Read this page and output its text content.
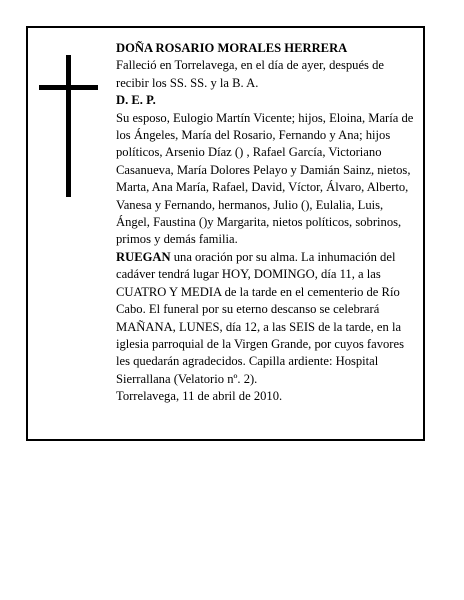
DOÑA ROSARIO MORALES HERRERA

Falleció en Torrelavega, en el día de ayer, después de recibir los SS. SS. y la B. A.

D. E. P.

Su esposo, Eulogio Martín Vicente; hijos, Eloina, María de los Ángeles, María del Rosario, Fernando y Ana; hijos políticos, Arsenio Díaz () , Rafael García, Victoriano Casanueva, María Dolores Pelayo y Damián Sainz, nietos, Marta, Ana María, Rafael, David, Víctor, Álvaro, Alberto, Vanesa y Fernando, hermanos, Julio (), Eulalia, Luis, Ángel, Faustina ()y Margarita, nietos políticos, sobrinos, primos y demás familia.

RUEGAN una oración por su alma. La inhumación del cadáver tendrá lugar HOY, DOMINGO, día 11, a las CUATRO Y MEDIA de la tarde en el cementerio de Río Cabo. El funeral por su eterno descanso se celebrará MAÑANA, LUNES, día 12, a las SEIS de la tarde, en la iglesia parroquial de la Virgen Grande, por cuyos favores les quedarán agradecidos. Capilla ardiente: Hospital Sierrallana (Velatorio nº. 2).

Torrelavega, 11 de abril de 2010.
